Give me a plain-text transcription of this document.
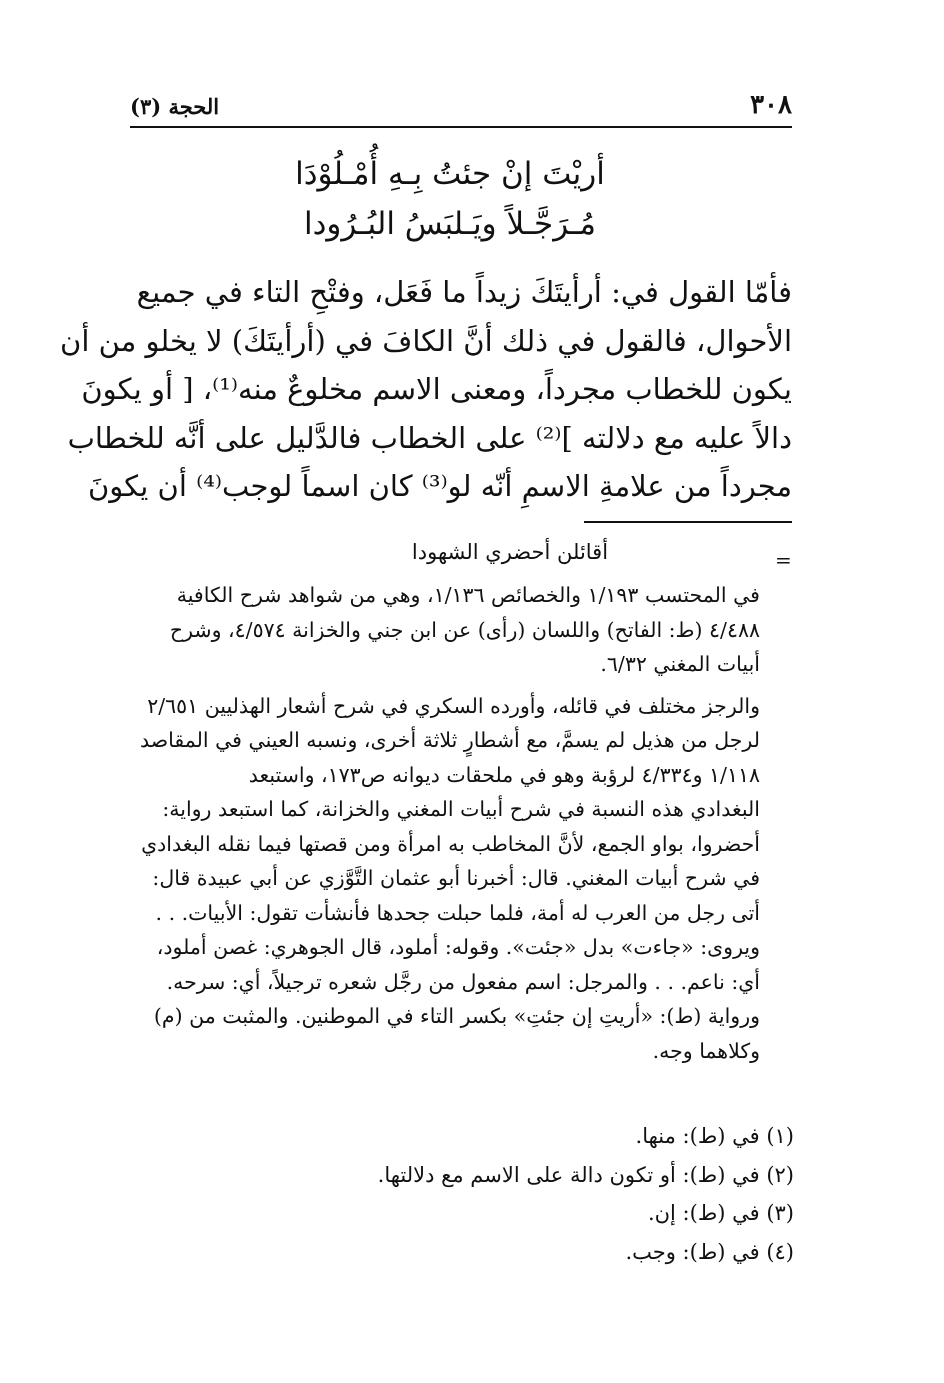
٣٠٨
الحجة (٣)
أريْتَ إنْ جئتُ بِـهِ أُمْـلُوْدَا
مُـرَجَّـلاً ويَـلبَسُ البُـرُودا
فأمّا القول في: أرأيتَكَ زيداً ما فَعَل، وفتْحِ التاء في جميع
الأحوال، فالقول في ذلك أنَّ الكافَ في (أرأيتَكَ) لا يخلو من أن
يكون للخطاب مجرداً، ومعنى الاسم مخلوعٌ منه⁽¹⁾، [ أو يكونَ
دالاً عليه مع دلالته ]⁽²⁾ على الخطاب فالدَّليل على أنَّه للخطاب
مجرداً من علامةِ الاسمِ أنّه لو⁽³⁾ كان اسماً لوجب⁽⁴⁾ أن يكونَ
=
أقائلن أحضري الشهودا
في المحتسب ١/١٩٣ والخصائص ١/١٣٦، وهي من شواهد شرح الكافية
٤/٤٨٨ (ط: الفاتح) واللسان (رأى) عن ابن جني والخزانة ٤/٥٧٤، وشرح
أبيات المغني ٦/٣٢.
والرجز مختلف في قائله، وأورده السكري في شرح أشعار الهذليين ٢/٦٥١
لرجل من هذيل لم يسمَّ، مع أشطارٍ ثلاثة أخرى، ونسبه العيني في المقاصد
١/١١٨ و٤/٣٣٤ لرؤبة وهو في ملحقات ديوانه ص١٧٣، واستبعد
البغدادي هذه النسبة في شرح أبيات المغني والخزانة، كما استبعد رواية:
أحضروا، بواو الجمع، لأنَّ المخاطب به امرأة ومن قصتها فيما نقله البغدادي
في شرح أبيات المغني. قال: أخبرنا أبو عثمان التَّوَّزي عن أبي عبيدة قال:
أتى رجل من العرب له أمة، فلما حبلت جحدها فأنشأت تقول: الأبيات. . .
ويروى: «جاءت» بدل «جئت». وقوله: أملود، قال الجوهري: غصن أملود،
أي: ناعم. . . والمرجل: اسم مفعول من رجَّل شعره ترجيلاً، أي: سرحه.
ورواية (ط): «أريتِ إن جئتِ» بكسر التاء في الموطنين. والمثبت من (م)
وكلاهما وجه.
(١) في (ط): منها.
(٢) في (ط): أو تكون دالة على الاسم مع دلالتها.
(٣) في (ط): إن.
(٤) في (ط): وجب.
